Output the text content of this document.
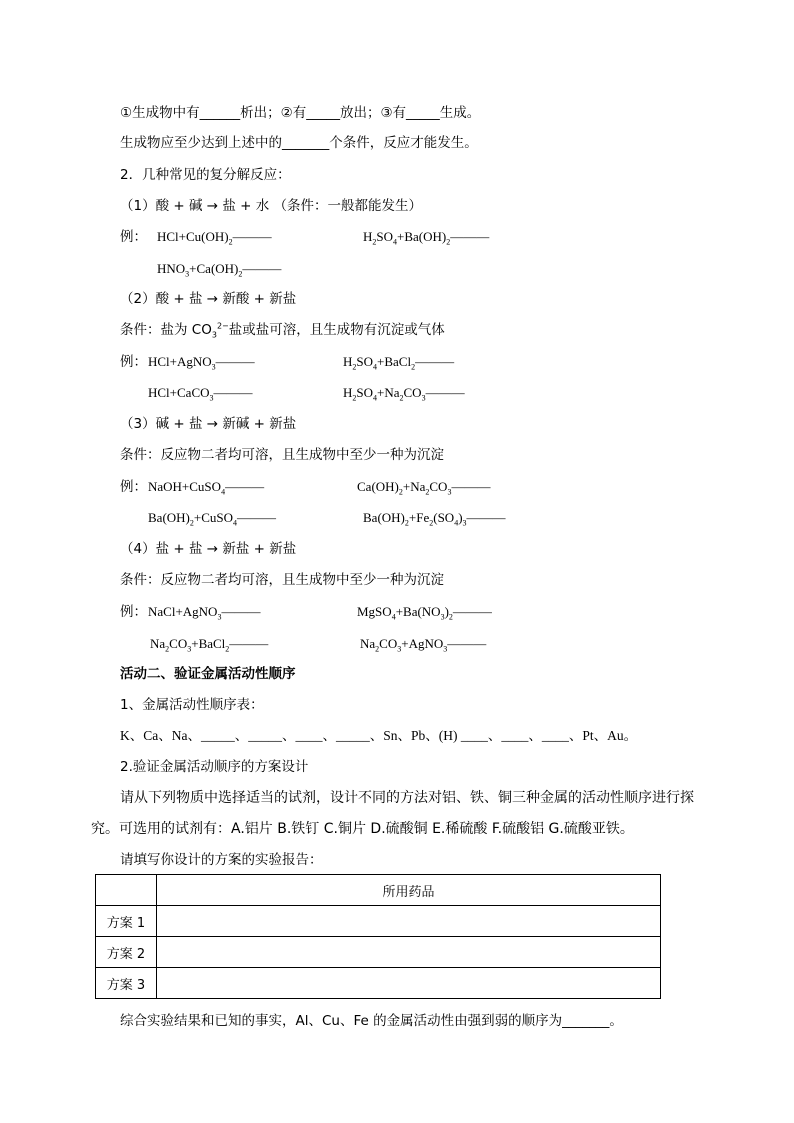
①生成物中有______析出；②有_____放出；③有_____生成。
生成物应至少达到上述中的_______个条件，反应才能发生。
2．几种常见的复分解反应：
（1）酸 + 碱 → 盐 + 水 （条件：一般都能发生）
例： $HCl+Cu(OH)_2———$	$H_2SO_4+Ba(OH)_2———$
$HNO_3+Ca(OH)_2———$
（2）酸 + 盐 → 新酸 + 新盐
条件：盐为 $CO_3^{2-}$盐或盐可溶，且生成物有沉淀或气体
例： HCl+AgNO$_3$———	$H_2SO_4+BaCl_2———$
HCl+CaCO$_3$———	$H_2SO_4+Na_2CO_3———$
（3）碱 + 盐 → 新碱 + 新盐
条件：反应物二者均可溶，且生成物中至少一种为沉淀
例： NaOH+CuSO$_4$———	$Ca(OH)_2+Na_2CO_3———$
$Ba(OH)_2+CuSO_4———$	$Ba(OH)_2+Fe_2(SO_4)_3———$
（4）盐 + 盐 → 新盐 + 新盐
条件：反应物二者均可溶，且生成物中至少一种为沉淀
例： NaCl+AgNO$_3$———	$MgSO_4+Ba(NO_3)_2———$
$Na_2CO_3+BaCl_2———$	$Na_2CO_3+AgNO_3———$
活动二、验证金属活动性顺序
1、金属活动性顺序表：
K、Ca、Na、_____、_____、____、_____、Sn、Pb、(H) ____、____、____、Pt、Au。
2.验证金属活动顺序的方案设计
请从下列物质中选择适当的试剂，设计不同的方法对铝、铁、铜三种金属的活动性顺序进行探
究。可选用的试剂有：A.铝片 B.铁钉 C.铜片 D.硫酸铜 E.稀硫酸 F.硫酸铝 G.硫酸亚铁。
请填写你设计的方案的实验报告：
	所用药品
方案 1	
方案 2	
方案 3	
综合实验结果和已知的事实，Al、Cu、Fe 的金属活动性由强到弱的顺序为_______。
